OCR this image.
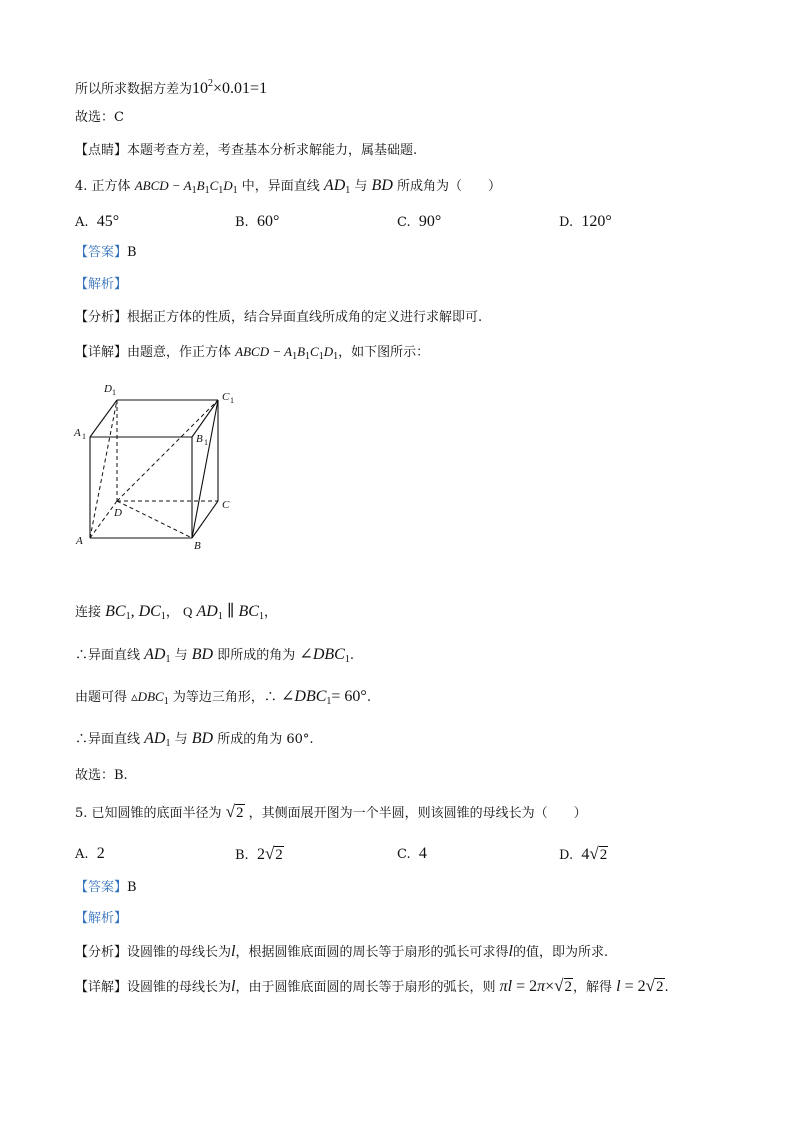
所以所求数据方差为$10^2\times 0.01=1$
故选：C
【点睛】本题考查方差，考查基本分析求解能力，属基础题.
4. 正方体 ABCD − $A_1B_1C_1D_1$ 中，异面直线 $AD_1$ 与 BD 所成角为（　　）
A. 45°	B. 60°	C. 90°	D. 120°
【答案】B
【解析】
【分析】根据正方体的性质，结合异面直线所成角的定义进行求解即可.
【详解】由题意，作正方体 ABCD − $A_1B_1C_1D_1$，如下图所示：
D 1	C 1
A 1	B 1
D
C
A	B
连接 $BC_1$, $DC_1$， Q $AD_1$ ∥ $BC_1$，
∴异面直线 $AD_1$ 与 BD 即所成的角为 $\angle DBC_1$.
由题可得 $▵DBC_1$ 为等边三角形，∴ $\angle DBC_1= 60^\circ$.
∴异面直线 $AD_1$ 与 BD 所成的角为 60°.
故选：B.
5. 已知圆锥的底面半径为 √2 ，其侧面展开图为一个半圆，则该圆锥的母线长为（　　）
A. 2	B. 2√2	C. 4	D. 4√2
【答案】B
【解析】
【分析】设圆锥的母线长为l，根据圆锥底面圆的周长等于扇形的弧长可求得l的值，即为所求.
【详解】设圆锥的母线长为l，由于圆锥底面圆的周长等于扇形的弧长，则 πl = 2π×√2，解得 l = 2√2.
